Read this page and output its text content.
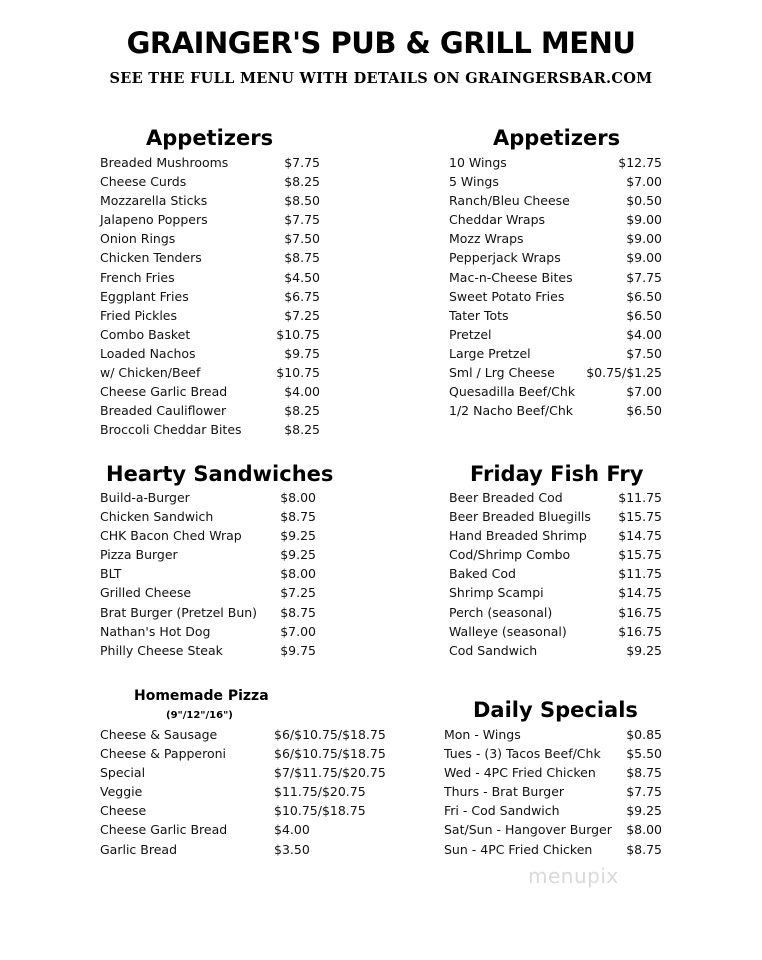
GRAINGER'S PUB & GRILL MENU
SEE THE FULL MENU WITH DETAILS ON GRAINGERSBAR.COM
Appetizers
Breaded Mushrooms	$7.75
Cheese Curds	$8.25
Mozzarella Sticks	$8.50
Jalapeno Poppers	$7.75
Onion Rings	$7.50
Chicken Tenders	$8.75
French Fries	$4.50
Eggplant Fries	$6.75
Fried Pickles	$7.25
Combo Basket	$10.75
Loaded Nachos	$9.75
w/ Chicken/Beef	$10.75
Cheese Garlic Bread	$4.00
Breaded Cauliflower	$8.25
Broccoli Cheddar Bites	$8.25
Appetizers
10 Wings	$12.75
5 Wings	$7.00
Ranch/Bleu Cheese	$0.50
Cheddar Wraps	$9.00
Mozz Wraps	$9.00
Pepperjack Wraps	$9.00
Mac-n-Cheese Bites	$7.75
Sweet Potato Fries	$6.50
Tater Tots	$6.50
Pretzel	$4.00
Large Pretzel	$7.50
Sml / Lrg Cheese	$0.75/$1.25
Quesadilla Beef/Chk	$7.00
1/2 Nacho Beef/Chk	$6.50
Hearty Sandwiches
Build-a-Burger	$8.00
Chicken Sandwich	$8.75
CHK Bacon Ched Wrap	$9.25
Pizza Burger	$9.25
BLT	$8.00
Grilled Cheese	$7.25
Brat Burger (Pretzel Bun)	$8.75
Nathan's Hot Dog	$7.00
Philly Cheese Steak	$9.75
Friday Fish Fry
Beer Breaded Cod	$11.75
Beer Breaded Bluegills	$15.75
Hand Breaded Shrimp	$14.75
Cod/Shrimp Combo	$15.75
Baked Cod	$11.75
Shrimp Scampi	$14.75
Perch (seasonal)	$16.75
Walleye (seasonal)	$16.75
Cod Sandwich	$9.25
Homemade Pizza
(9"/12"/16")
Cheese & Sausage	$6/$10.75/$18.75
Cheese & Papperoni	$6/$10.75/$18.75
Special	$7/$11.75/$20.75
Veggie	$11.75/$20.75
Cheese	$10.75/$18.75
Cheese Garlic Bread	$4.00
Garlic Bread	$3.50
Daily Specials
Mon - Wings	$0.85
Tues - (3) Tacos Beef/Chk	$5.50
Wed - 4PC Fried Chicken	$8.75
Thurs - Brat Burger	$7.75
Fri - Cod Sandwich	$9.25
Sat/Sun - Hangover Burger	$8.00
Sun - 4PC Fried Chicken	$8.75
menupix
